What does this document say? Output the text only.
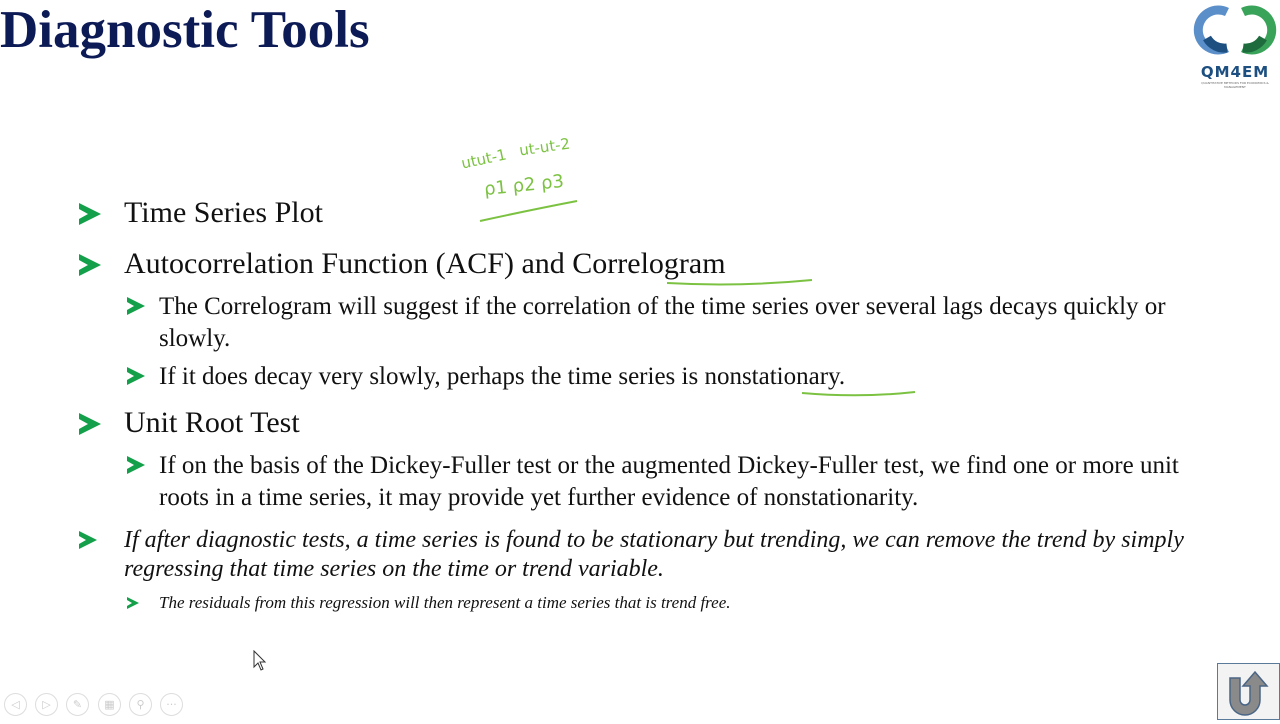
QM4EM
QUANTITATIVE METHODS FOR ECONOMICS & MANAGEMENT
Diagnostic Tools
utut-1 ut-ut-2
ρ1 ρ2 ρ3
Time Series Plot
Autocorrelation Function (ACF) and Correlogram
The Correlogram will suggest if the correlation of the time series over several lags decays quickly or slowly.
If it does decay very slowly, perhaps the time series is nonstationary.
Unit Root Test
If on the basis of the Dickey-Fuller test or the augmented Dickey-Fuller test, we find one or more unit roots in a time series, it may provide yet further evidence of nonstationarity.
If after diagnostic tests, a time series is found to be stationary but trending, we can remove the trend by simply regressing that time series on the time or trend variable.
The residuals from this regression will then represent a time series that is trend free.
◁	▷	✎	▦	⚲	···
